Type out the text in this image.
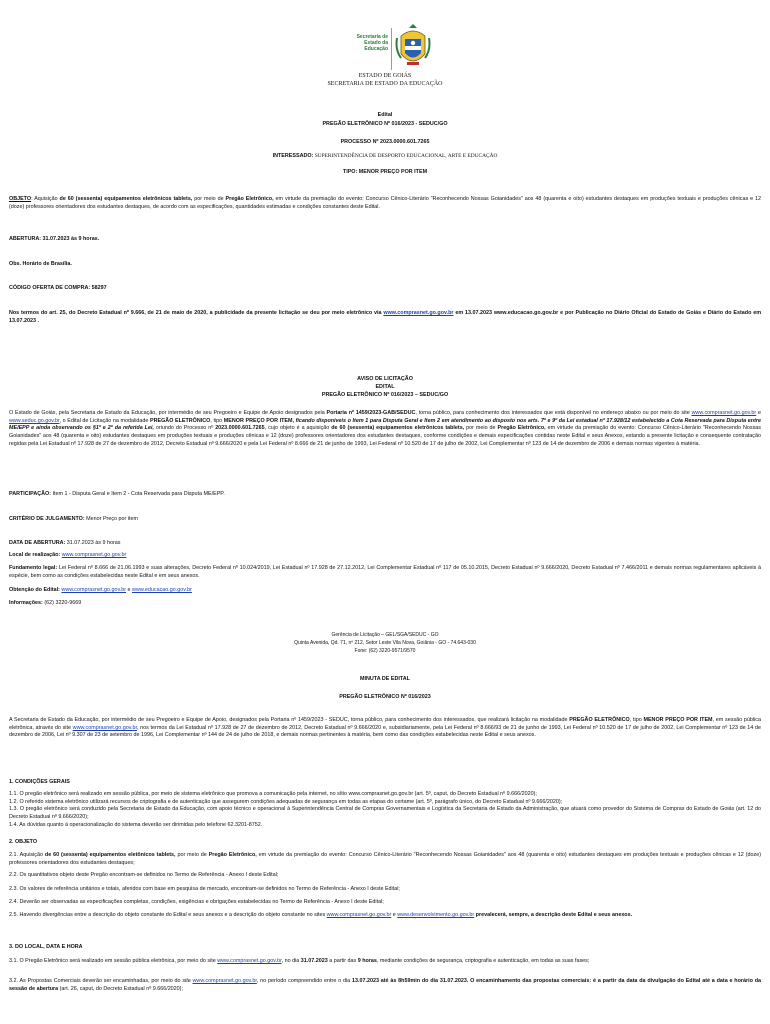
Secretaria de
Estado da
Educação
ESTADO DE GOIÁS
SECRETARIA DE ESTADO DA EDUCAÇÃO
Edital
PREGÃO ELETRÔNICO Nº 016/2023 - SEDUC/GO
PROCESSO Nº 2023.0000.601.7265
INTERESSADO: SUPERINTENDÊNCIA DE DESPORTO EDUCACIONAL, ARTE E EDUCAÇÃO
TIPO: MENOR PREÇO POR ITEM
OBJETO: Aquisição de 60 (sessenta) equipamentos eletrônicos tablets, por meio de Pregão Eletrônico, em virtude da premiação do evento: Concurso Cênico-Literário "Reconhecendo Nossas Goianidades" aos 48 (quarenta e oito) estudantes destaques em produções textuais e produções cênicas e 12 (doze) professores orientadores dos estudantes destaques, de acordo com as especificações, quantidades estimadas e condições constantes deste Edital.
ABERTURA: 31.07.2023 às 9 horas.
Obs. Horário de Brasília.
CÓDIGO OFERTA DE COMPRA: 58297
Nos termos do art. 25, do Decreto Estadual nº 9.666, de 21 de maio de 2020, a publicidade da presente licitação se deu por meio eletrônico via www.comprasnet.go.gov.br em 13.07.2023 www.educacao.go.gov.br e por Publicação no Diário Oficial do Estado de Goiás e Diário do Estado em 13.07.2023 .
AVISO DE LICITAÇÃO
EDITAL
PREGÃO ELETRÔNICO Nº 016/2023 – SEDUC/GO
O Estado de Goiás, pela Secretaria de Estado da Educação, por intermédio de seu Pregoeiro e Equipe de Apoio designados pela Portaria nº 1459/2023-GAB/SEDUC, torna público, para conhecimento dos interessados que está disponível no endereço abaixo ou por meio do site www.comprasnet.go.gov.br e www.seduc.go.gov.br, o Edital de Licitação na modalidade PREGÃO ELETRÔNICO, tipo MENOR PREÇO POR ITEM, ficando disponíveis o Item 1 para Disputa Geral e Item 2 em atendimento ao disposto nos arts. 7º e 9º da Lei estadual nº 17.928/12 estabelecido a Cota Reservada para Disputa entre ME/EPP e ainda observando os §1º e 2º da referida Lei, oriundo do Processo nº 2023.0000.601.7265, cujo objeto é a aquisição de 60 (sessenta) equipamentos eletrônicos tablets, por meio de Pregão Eletrônico, em virtude da premiação do evento: Concurso Cênico-Literário "Reconhecendo Nossas Goianidades" aos 48 (quarenta e oito) estudantes destaques em produções textuais e produções cênicas e 12 (doze) professores orientadores dos estudantes destaques, conforme condições e demais especificações contidas neste Edital e seus Anexos, estando a presente licitação e consequente contratação regidas pela Lei Estadual nº 17.928 de 27 de dezembro de 2012, Decreto Estadual nº 9.666/2020 e pela Lei Federal nº 8.666 de 21 de junho de 1993, Lei Federal nº 10.520 de 17 de julho de 2002, Lei Complementar nº 123 de 14 de dezembro de 2006 e demais normas vigentes à matéria.
PARTICIPAÇÃO: Item 1 - Disputa Geral e Item 2 - Cota Reservada para Disputa ME/EPP.
CRITÉRIO DE JULGAMENTO: Menor Preço por item
DATA DE ABERTURA: 31.07.2023 às 9 horas
Local de realização: www.comprasnet.go.gov.br
Fundamento legal: Lei Federal nº 8.666 de 21.06.1993 e suas alterações, Decreto Federal nº 10.024/2019, Lei Estadual nº 17.928 de 27.12.2012, Lei Complementar Estadual nº 117 de 05.10.2015, Decreto Estadual nº 9.666/2020, Decreto Estadual nº 7.466/2011 e demais normas regulamentares aplicáveis à espécie, bem como as condições estabelecidas neste Edital e em seus anexos.
Obtenção do Edital: www.comprasnet.go.gov.br e www.educacao.go.gov.br
Informações: (62) 3220-9669
Gerência de Licitação – GEL/SGA/SEDUC - GO
Quinta Avenida, Qd. 71, nº 212, Setor Leste Vila Nova, Goiânia - GO - 74.643-030
Fone: (62) 3220-9571/9570
MINUTA DE EDITAL
PREGÃO ELETRÔNICO Nº 016/2023
A Secretaria de Estado da Educação, por intermédio de seu Pregoeiro e Equipe de Apoio, designados pela Portaria nº 1459/2023 - SEDUC, torna público, para conhecimento dos interessados, que realizará licitação na modalidade PREGÃO ELETRÔNICO, tipo MENOR PREÇO POR ITEM, em sessão pública eletrônica, através do site www.comprasnet.go.gov.br, nos termos da Lei Estadual nº 17.928 de 27 de dezembro de 2012, Decreto Estadual nº 9.666/2020 e, subsidiariamente, pela Lei Federal nº 8.666/93 de 21 de junho de 1993, Lei Federal nº 10.520 de 17 de julho de 2002, Lei Complementar nº 123 de 14 de dezembro de 2006, Lei nº 9.307 de 23 de setembro de 1996, Lei Complementar nº 144 de 24 de julho de 2018, e demais normas pertinentes à matéria, bem como das condições estabelecidas neste Edital e seus anexos.
1. CONDIÇÕES GERAIS
1.1. O pregão eletrônico será realizado em sessão pública, por meio de sistema eletrônico que promova a comunicação pela internet, no sítio www.comprasnet.go.gov.br (art. 5º, caput, do Decreto Estadual nº 9.666/2020);
1.2. O referido sistema eletrônico utilizará recursos de criptografia e de autenticação que assegurem condições adequadas de segurança em todas as etapas do certame (art. 5º, parágrafo único, do Decreto Estadual nº 9.666/2020);
1.3. O pregão eletrônico será conduzido pela Secretaria de Estado da Educação, com apoio técnico e operacional à Superintendência Central de Compras Governamentais e Logística da Secretaria de Estado da Administração, que atuará como provedor do Sistema de Compras do Estado de Goiás (art. 12 do Decreto Estadual nº 9.666/2020);
1.4. As dúvidas quanto à operacionalização do sistema deverão ser dirimidas pelo telefone 62.3201-8752.
2. OBJETO
2.1. Aquisição de 60 (sessenta) equipamentos eletônicos tablets, por meio de Pregão Eletrônico, em virtude da premiação do evento: Concurso Cênico-Literário "Reconhecendo Nossas Goianidades" aos 48 (quarenta e oito) estudantes destaques em produções textuais e produções cênicas e 12 (doze) professores orientadores dos estudantes destaques;
2.2. Os quantitativos objeto deste Pregão encontram-se definidos no Termo de Referência - Anexo I deste Edital;
2.3. Os valores de referência unitários e totais, aferidos com base em pesquisa de mercado, encontram-se definidos no Termo de Referência - Anexo I deste Edital;
2.4. Deverão ser observadas as especificações completas, condições, exigências e obrigações estabelecidas no Termo de Referência - Anexo I deste Edital;
2.5. Havendo divergências entre a descrição do objeto constante do Edital e seus anexos e a descrição do objeto constante no sites www.comprasnet.go.gov.br e www.desenvolvimento.go.gov.br prevalecerá, sempre, a descrição deste Edital e seus anexos.
3. DO LOCAL, DATA E HORA
3.1. O Pregão Eletrônico será realizado em sessão pública eletrônica, por meio do site www.comprasnet.go.gov.br, no dia 31.07.2023 a partir das 9 horas, mediante condições de segurança, criptografia e autenticação, em todas as suas fases;
3.2. As Propostas Comerciais deverão ser encaminhadas, por meio do site www.comprasnet.go.gov.br, no período compreendido entre o dia 13.07.2023 até às 8h59min do dia 31.07.2023. O encaminhamento das propostas comerciais: é a partir da data da divulgação do Edital até a data e horário da sessão de abertura (art. 26, caput, do Decreto Estadual nº 9.666/2020);
